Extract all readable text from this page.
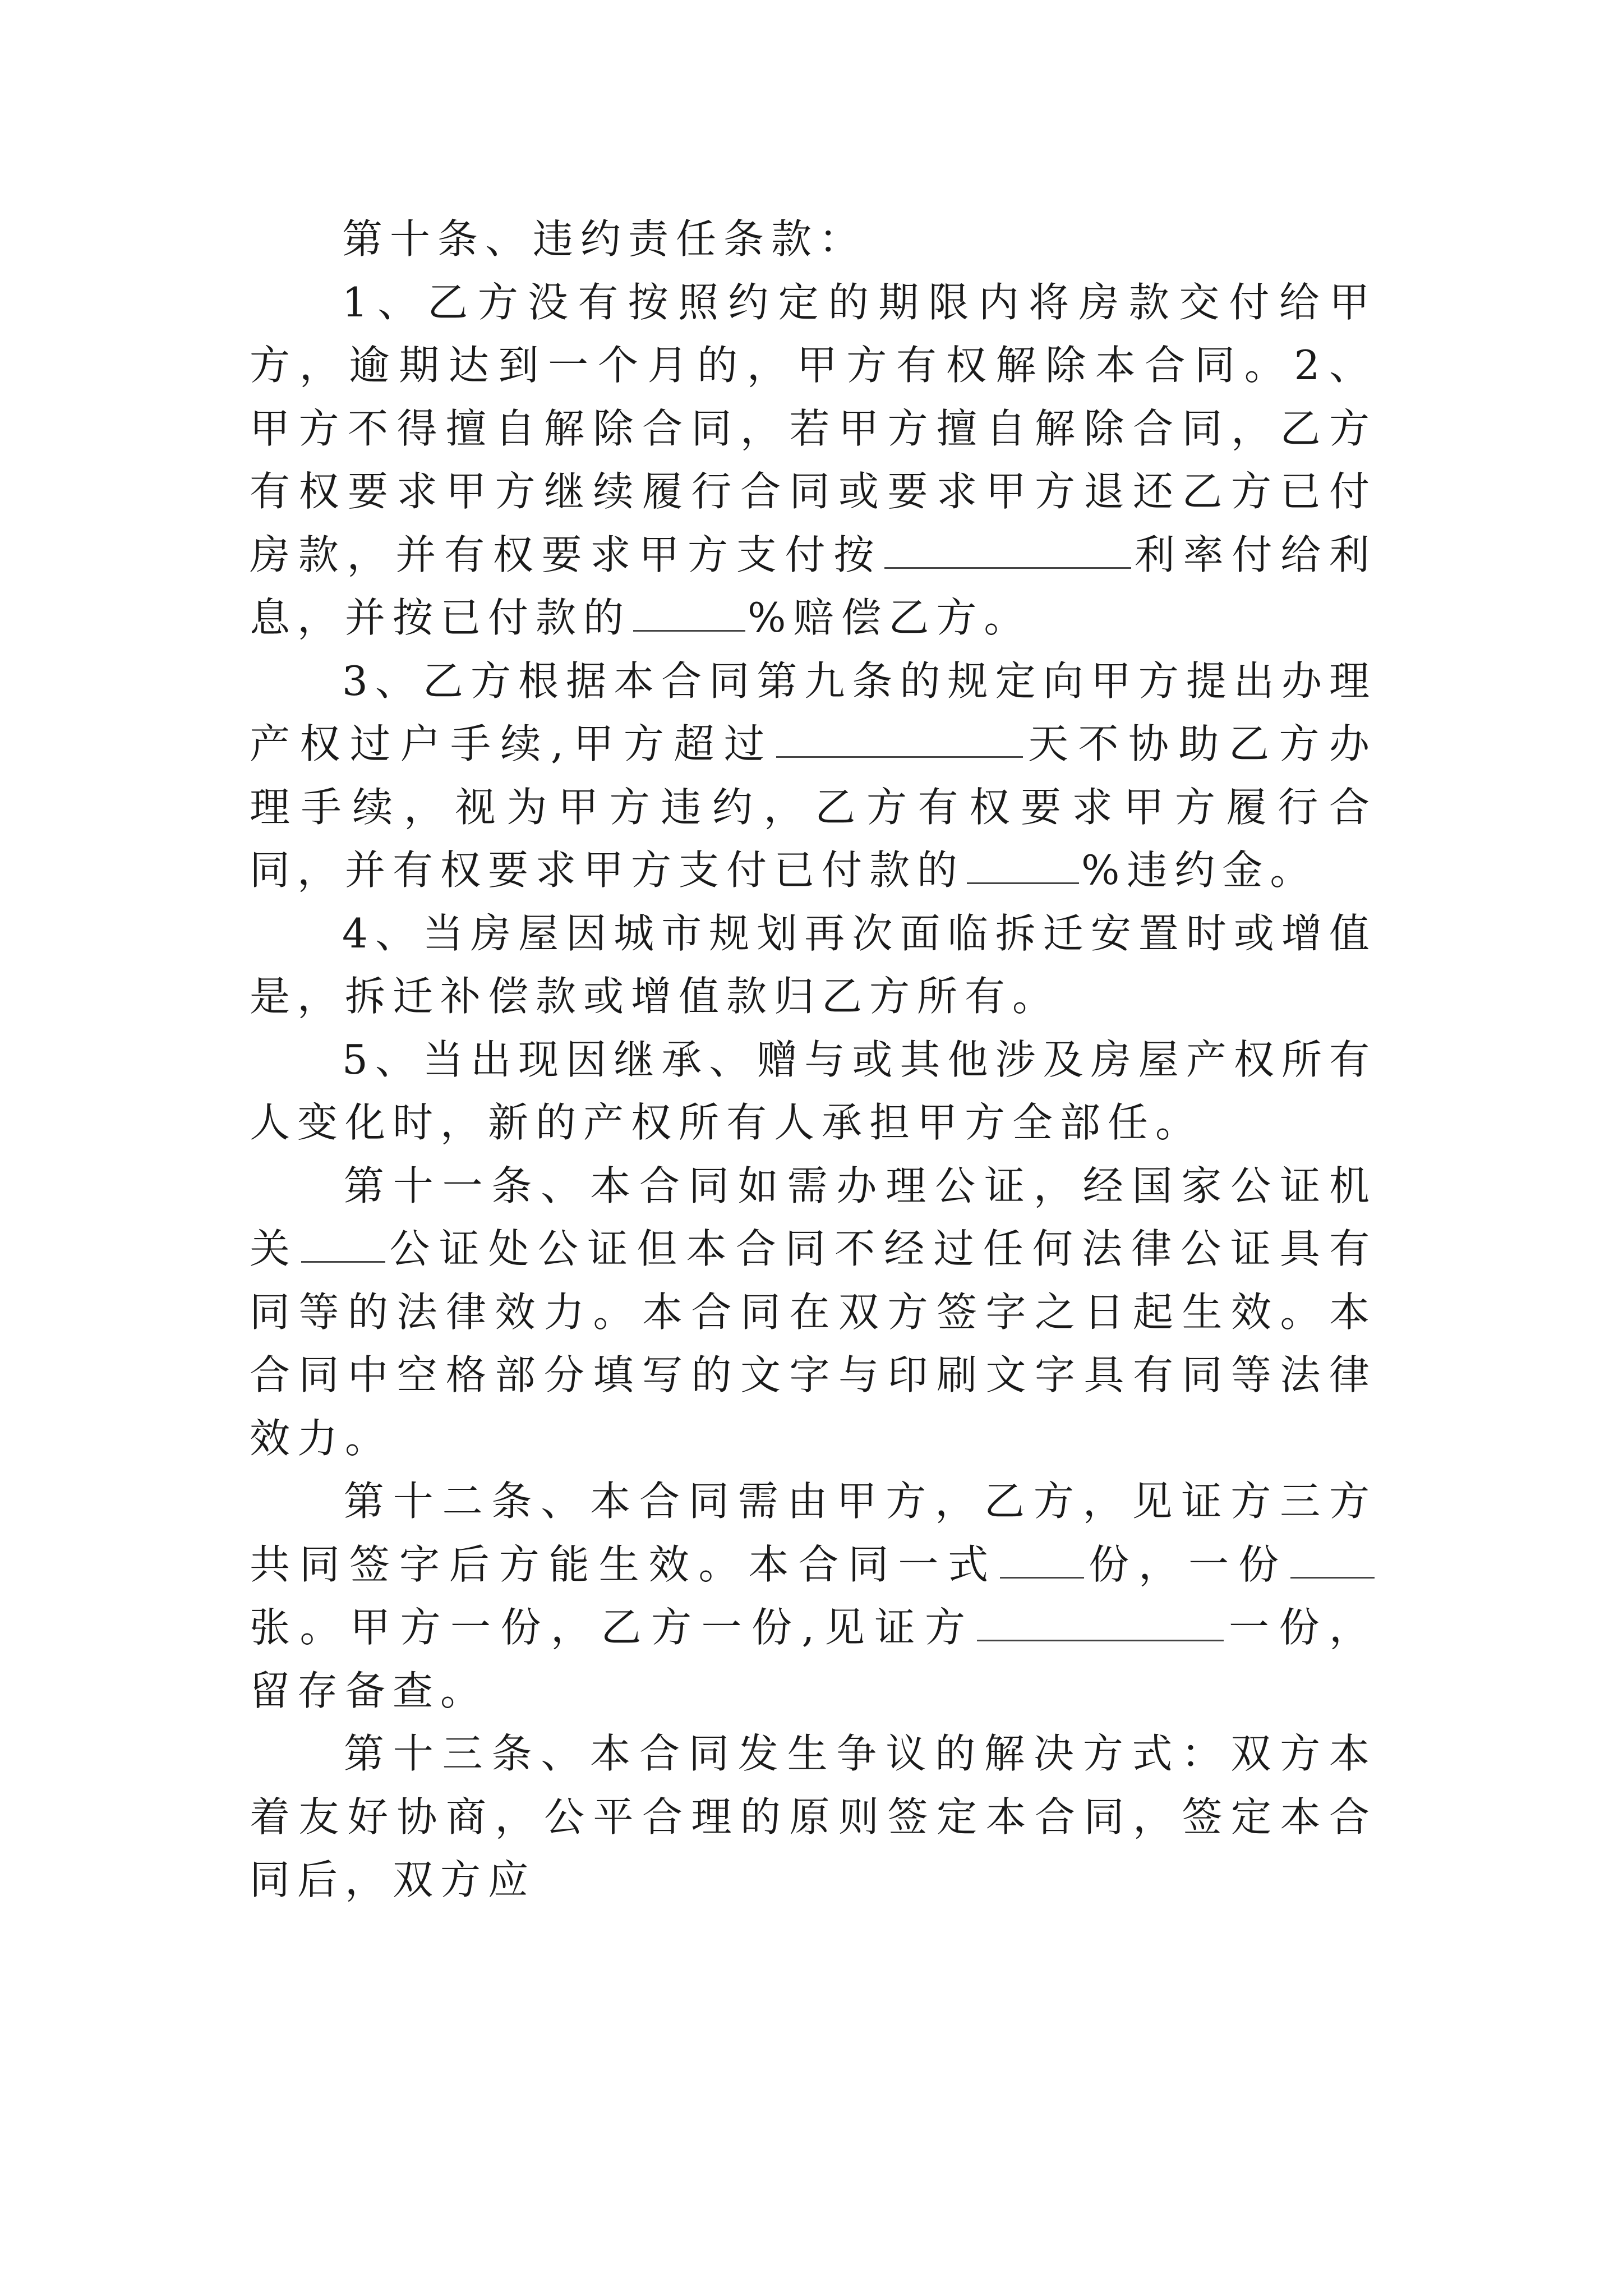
第十条、违约责任条款：

1、乙方没有按照约定的期限内将房款交付给甲方，逾期达到一个月的，甲方有权解除本合同。2、甲方不得擅自解除合同，若甲方擅自解除合同，乙方有权要求甲方继续履行合同或要求甲方退还乙方已付房款，并有权要求甲方支付按	利率付给利息，并按已付款的	%赔偿乙方。

3、乙方根据本合同第九条的规定向甲方提出办理产权过户手续,甲方超过	天不协助乙方办理手续，视为甲方违约，乙方有权要求甲方履行合同，并有权要求甲方支付已付款的	%违约金。

4、当房屋因城市规划再次面临拆迁安置时或增值是，拆迁补偿款或增值款归乙方所有。

5、当出现因继承、赠与或其他涉及房屋产权所有人变化时，新的产权所有人承担甲方全部任。

第十一条、本合同如需办理公证，经国家公证机关 公证处公证但本合同不经过任何法律公证具有同等的法律效力。本合同在双方签字之日起生效。本合同中空格部分填写的文字与印刷文字具有同等法律效力。

第十二条、本合同需由甲方，乙方，见证方三方共同签字后方能生效。本合同一式 份，一份张。甲方一份，乙方一份,见证方	一份，留存备查。

第十三条、本合同发生争议的解决方式：双方本着友好协商，公平合理的原则签定本合同，签定本合同后，双方应
